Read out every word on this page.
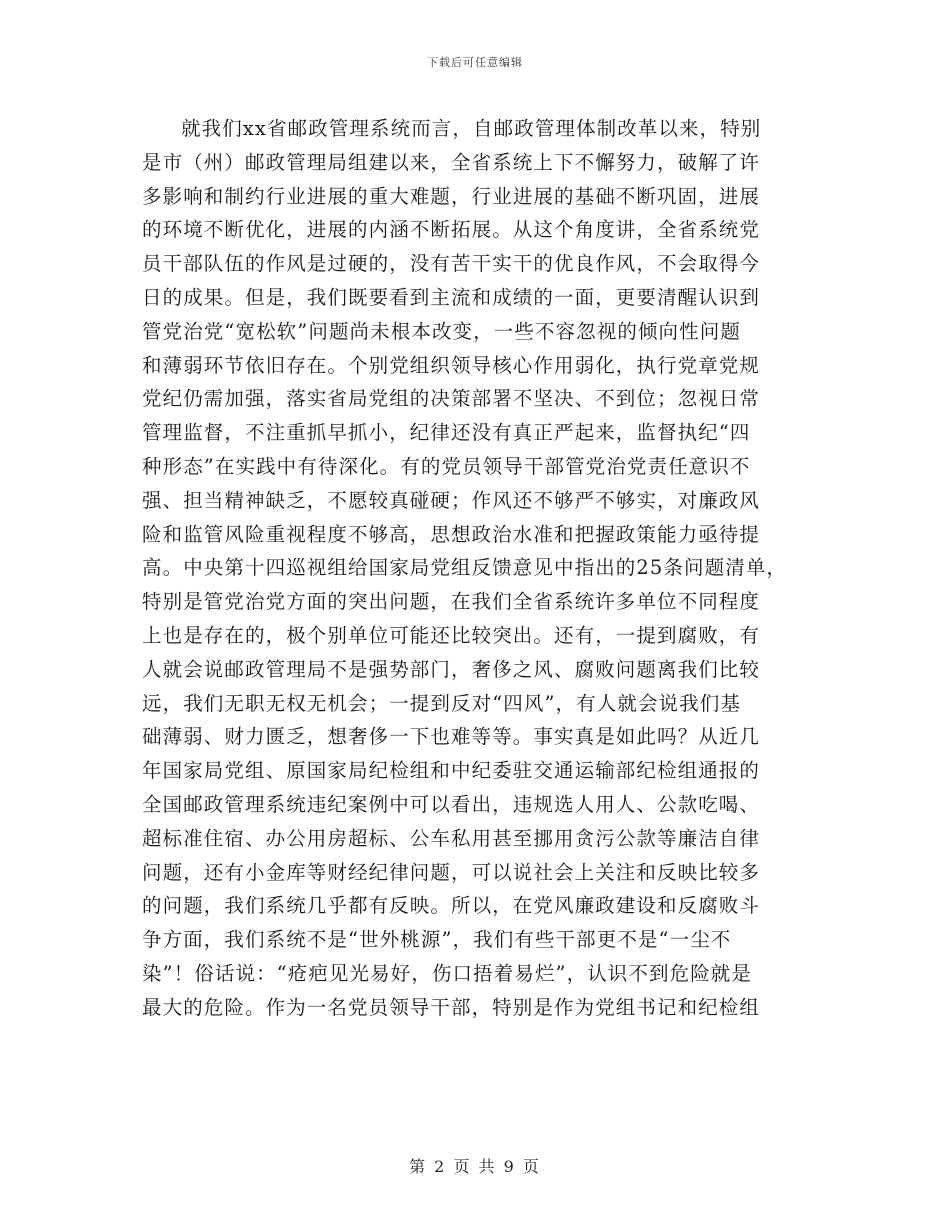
下载后可任意编辑
就我们xx省邮政管理系统而言，自邮政管理体制改革以来，特别
是市（州）邮政管理局组建以来，全省系统上下不懈努力，破解了许
多影响和制约行业进展的重大难题，行业进展的基础不断巩固，进展
的环境不断优化，进展的内涵不断拓展。从这个角度讲，全省系统党
员干部队伍的作风是过硬的，没有苦干实干的优良作风，不会取得今
日的成果。但是，我们既要看到主流和成绩的一面，更要清醒认识到
管党治党“宽松软”问题尚未根本改变，一些不容忽视的倾向性问题
和薄弱环节依旧存在。个别党组织领导核心作用弱化，执行党章党规
党纪仍需加强，落实省局党组的决策部署不坚决、不到位；忽视日常
管理监督，不注重抓早抓小，纪律还没有真正严起来，监督执纪“四
种形态”在实践中有待深化。有的党员领导干部管党治党责任意识不
强、担当精神缺乏，不愿较真碰硬；作风还不够严不够实，对廉政风
险和监管风险重视程度不够高，思想政治水准和把握政策能力亟待提
高。中央第十四巡视组给国家局党组反馈意见中指出的25条问题清单，
特别是管党治党方面的突出问题，在我们全省系统许多单位不同程度
上也是存在的，极个别单位可能还比较突出。还有，一提到腐败，有
人就会说邮政管理局不是强势部门，奢侈之风、腐败问题离我们比较
远，我们无职无权无机会；一提到反对“四风”，有人就会说我们基
础薄弱、财力匮乏，想奢侈一下也难等等。事实真是如此吗？从近几
年国家局党组、原国家局纪检组和中纪委驻交通运输部纪检组通报的
全国邮政管理系统违纪案例中可以看出，违规选人用人、公款吃喝、
超标准住宿、办公用房超标、公车私用甚至挪用贪污公款等廉洁自律
问题，还有小金库等财经纪律问题，可以说社会上关注和反映比较多
的问题，我们系统几乎都有反映。所以，在党风廉政建设和反腐败斗
争方面，我们系统不是“世外桃源”，我们有些干部更不是“一尘不
染”！俗话说：“疮疤见光易好，伤口捂着易烂”，认识不到危险就是
最大的危险。作为一名党员领导干部，特别是作为党组书记和纪检组
第 2 页 共 9 页
